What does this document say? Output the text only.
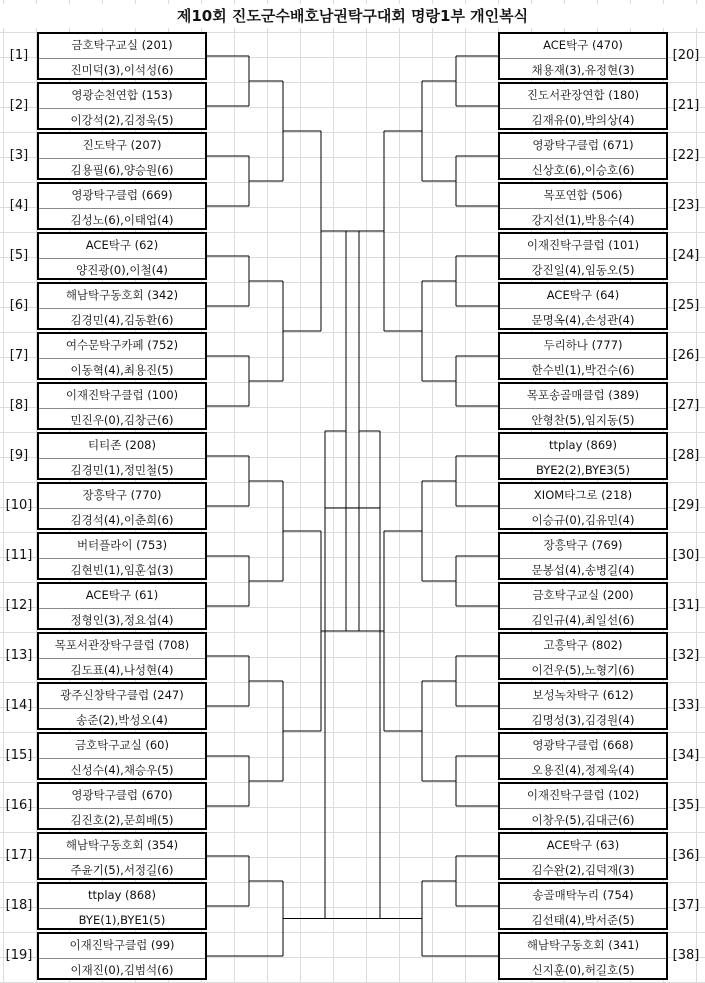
제10회 진도군수배호남권탁구대회 명랑1부 개인복식
[1]
금호탁구교실 (201)
진미덕(3),이석성(6)
[2]
영광순천연합 (153)
이강석(2),김정욱(5)
[3]
진도탁구 (207)
김용필(6),양승원(6)
[4]
영광탁구클럽 (669)
김성노(6),이태업(4)
[5]
ACE탁구 (62)
양진광(0),이철(4)
[6]
해남탁구동호회 (342)
김경민(4),김동환(6)
[7]
여수문탁구카페 (752)
이동혁(4),최용진(5)
[8]
이재진탁구클럽 (100)
민진우(0),김창근(6)
[9]
티티존 (208)
김경민(1),정민철(5)
[10]
장흥탁구 (770)
김경석(4),이춘희(6)
[11]
버터플라이 (753)
김현빈(1),임훈섭(3)
[12]
ACE탁구 (61)
정형인(3),정요섭(4)
[13]
목포서관장탁구클럽 (708)
김도표(4),나성현(4)
[14]
광주신창탁구클럽 (247)
송준(2),박성오(4)
[15]
금호탁구교실 (60)
신성수(4),채승우(5)
[16]
영광탁구클럽 (670)
김진호(2),문희배(5)
[17]
해남탁구동호회 (354)
주윤기(5),서정길(6)
[18]
ttplay (868)
BYE(1),BYE1(5)
[19]
이재진탁구클럽 (99)
이재진(0),김범석(6)
[20]
ACE탁구 (470)
채용재(3),유정현(3)
[21]
진도서관장연합 (180)
김재유(0),박의상(4)
[22]
영광탁구클럽 (671)
신상호(6),이승호(6)
[23]
목포연합 (506)
강지선(1),박용수(4)
[24]
이재진탁구클럽 (101)
강진일(4),임동오(5)
[25]
ACE탁구 (64)
문명옥(4),손성관(4)
[26]
두리하나 (777)
한수빈(1),박건수(6)
[27]
목포송골매클럽 (389)
안형찬(5),임지동(5)
[28]
ttplay (869)
BYE2(2),BYE3(5)
[29]
XIOM타그로 (218)
이승규(0),김유민(4)
[30]
장흥탁구 (769)
문봉섭(4),송병길(4)
[31]
금호탁구교실 (200)
김인규(4),최일선(6)
[32]
고흥탁구 (802)
이건우(5),노형기(6)
[33]
보성녹차탁구 (612)
김명성(3),김경원(4)
[34]
영광탁구클럽 (668)
오용진(4),정제욱(4)
[35]
이재진탁구클럽 (102)
이창우(5),김대근(6)
[36]
ACE탁구 (63)
김수완(2),김덕재(3)
[37]
송골매탁누리 (754)
김선태(4),박서준(5)
[38]
해남탁구동호회 (341)
신지훈(0),허길호(5)
